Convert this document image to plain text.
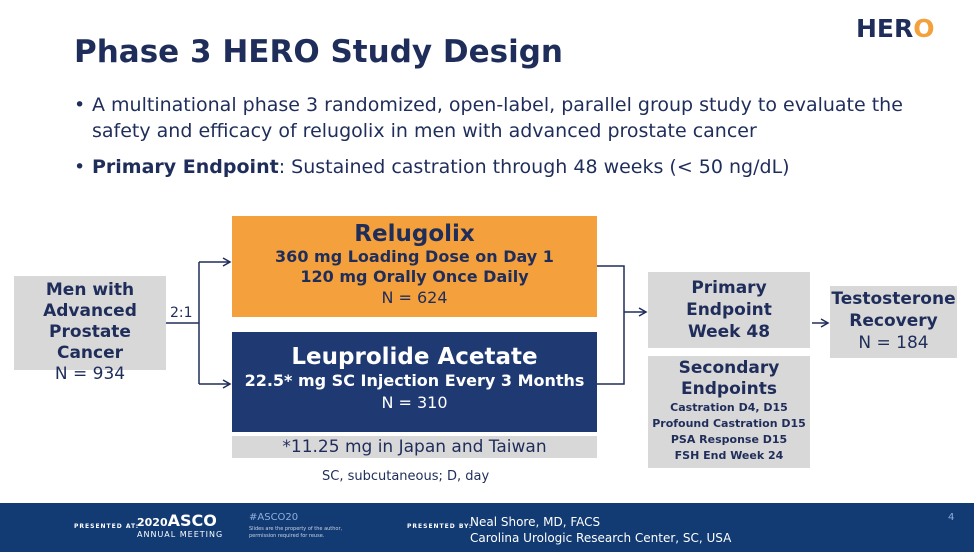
HERO
Phase 3 HERO Study Design
• A multinational phase 3 randomized, open-label, parallel group study to evaluate the safety and efficacy of relugolix in men with advanced prostate cancer
• Primary Endpoint: Sustained castration through 48 weeks (< 50 ng/dL)
Men with
Advanced
Prostate Cancer
N = 934
2:1
Relugolix
360 mg Loading Dose on Day 1
120 mg Orally Once Daily
N = 624
Leuprolide Acetate
22.5* mg SC Injection Every 3 Months
N = 310
*11.25 mg in Japan and Taiwan
SC, subcutaneous; D, day
Primary
Endpoint
Week 48
Secondary
Endpoints
Castration D4, D15
Profound Castration D15
PSA Response D15
FSH End Week 24
Testosterone
Recovery
N = 184
PRESENTED AT:
2020ASCO
ANNUAL MEETING
#ASCO20
Slides are the property of the author,
permission required for reuse.
PRESENTED BY:
Neal Shore, MD, FACS
Carolina Urologic Research Center, SC, USA
4
